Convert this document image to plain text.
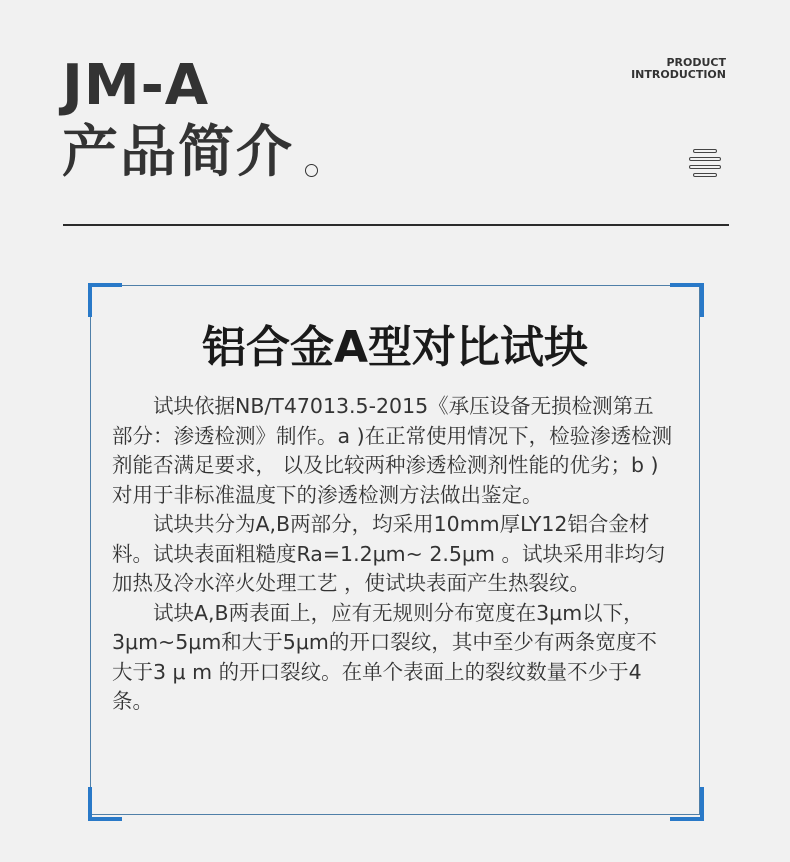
JM-A
产品简介
PRODUCT
INTRODUCTION
铝合金A型对比试块

试块依据NB/T47013.5-2015《承压设备无损检测第五部分：渗透检测》制作。a )在正常使用情况下，检验渗透检测剂能否满足要求， 以及比较两种渗透检测剂性能的优劣；b ) 对用于非标准温度下的渗透检测方法做出鉴定。

试块共分为A,B两部分，均采用10mm厚LY12铝合金材料。试块表面粗糙度Ra=1.2μm~ 2.5μm 。试块采用非均匀加热及冷水淬火处理工艺 ，使试块表面产生热裂纹。

试块A,B两表面上，应有无规则分布宽度在3μm以下，3μm~5μm和大于5μm的开口裂纹，其中至少有两条宽度不大于3 μ m 的开口裂纹。在单个表面上的裂纹数量不少于4条。
